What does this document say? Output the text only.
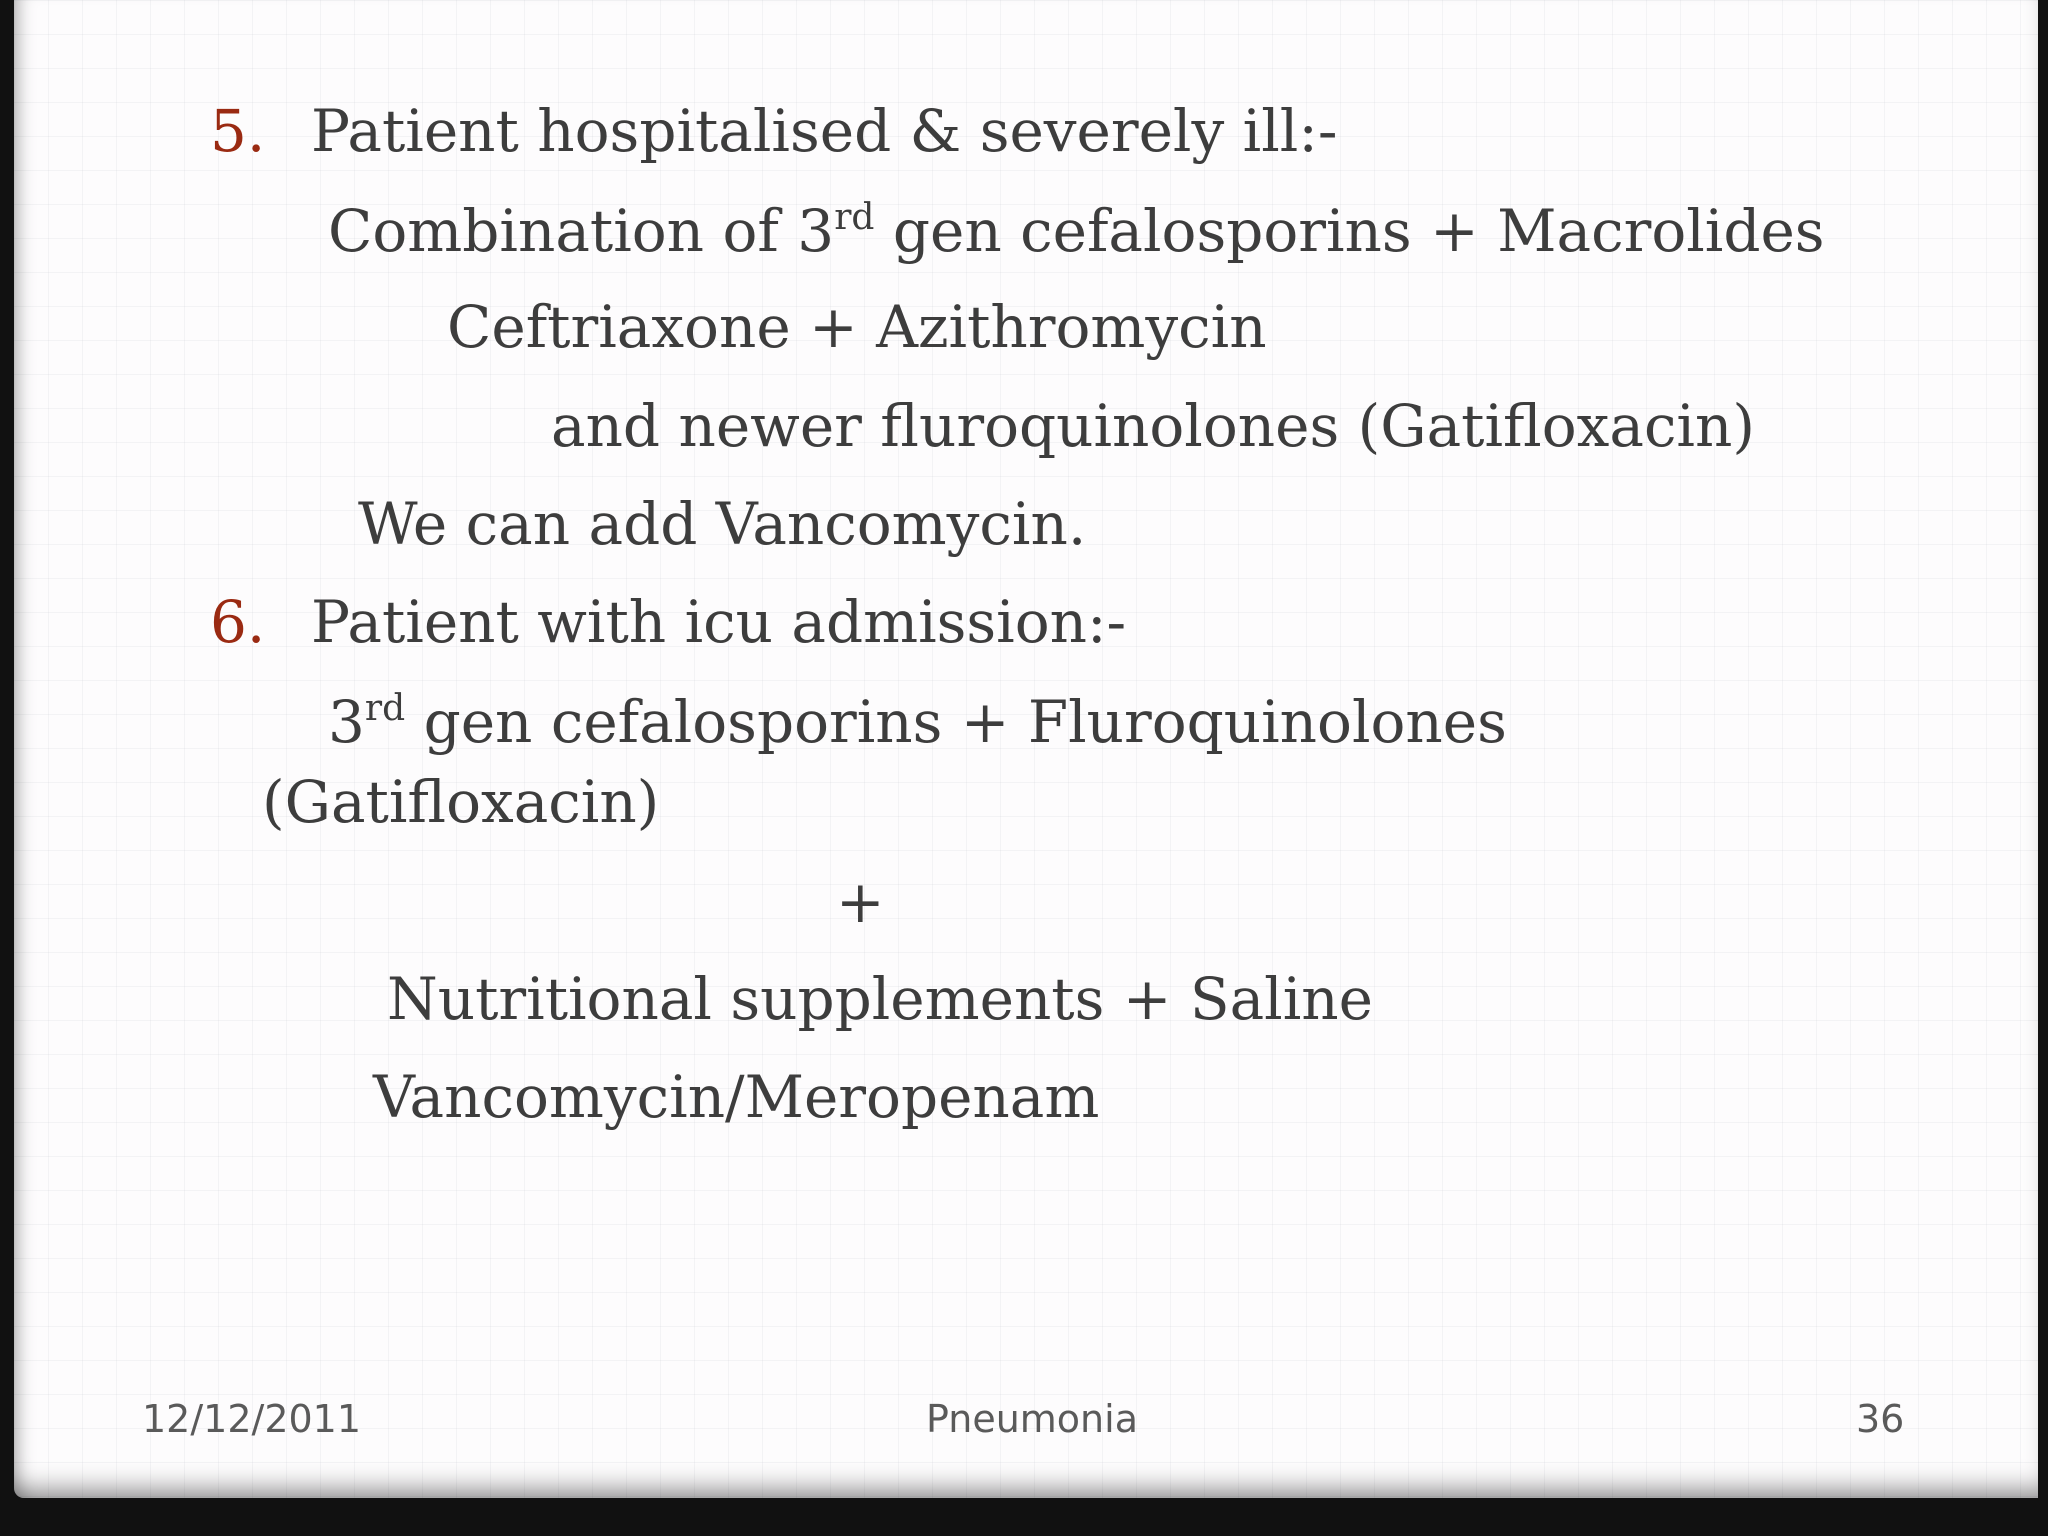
5. Patient hospitalised & severely ill:-
Combination of 3rd gen cefalosporins + Macrolides
Ceftriaxone + Azithromycin
and newer fluroquinolones (Gatifloxacin)
We can add Vancomycin.
6. Patient with icu admission:-
3rd gen cefalosporins + Fluroquinolones
(Gatifloxacin)
+
Nutritional supplements + Saline
Vancomycin/Meropenam
12/12/2011	Pneumonia	36
